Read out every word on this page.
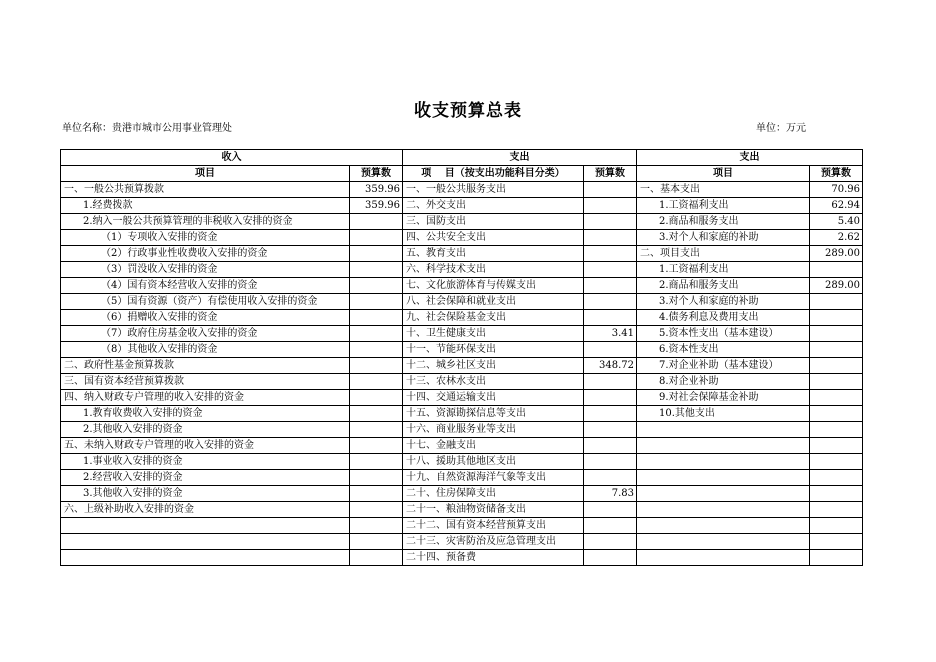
收支预算总表
单位名称：贵港市城市公用事业管理处	单位：万元
收入		支出		支出	
项目	预算数	项　 目（按支出功能科目分类）	预算数	项目	预算数
一、一般公共预算拨款	359.96	一、一般公共服务支出		一、基本支出	70.96
1.经费拨款	359.96	二、外交支出		1.工资福利支出	62.94
2.纳入一般公共预算管理的非税收入安排的资金		三、国防支出		2.商品和服务支出	5.40
（1）专项收入安排的资金		四、公共安全支出		3.对个人和家庭的补助	2.62
（2）行政事业性收费收入安排的资金		五、教育支出		二、项目支出	289.00
（3）罚没收入安排的资金		六、科学技术支出		1.工资福利支出	
（4）国有资本经营收入安排的资金		七、文化旅游体育与传媒支出		2.商品和服务支出	289.00
（5）国有资源（资产）有偿使用收入安排的资金		八、社会保障和就业支出		3.对个人和家庭的补助	
（6）捐赠收入安排的资金		九、社会保险基金支出		4.债务利息及费用支出	
（7）政府住房基金收入安排的资金		十、卫生健康支出	3.41	5.资本性支出（基本建设）	
（8）其他收入安排的资金		十一、节能环保支出		6.资本性支出	
二、政府性基金预算拨款		十二、城乡社区支出	348.72	7.对企业补助（基本建设）	
三、国有资本经营预算拨款		十三、农林水支出		8.对企业补助	
四、纳入财政专户管理的收入安排的资金		十四、交通运输支出		9.对社会保障基金补助	
1.教育收费收入安排的资金		十五、资源勘探信息等支出		10.其他支出	
2.其他收入安排的资金		十六、商业服务业等支出			
五、未纳入财政专户管理的收入安排的资金		十七、金融支出			
1.事业收入安排的资金		十八、援助其他地区支出			
2.经营收入安排的资金		十九、自然资源海洋气象等支出			
3.其他收入安排的资金		二十、住房保障支出	7.83		
六、上级补助收入安排的资金		二十一、粮油物资储备支出			
		二十二、国有资本经营预算支出			
		二十三、灾害防治及应急管理支出			
		二十四、预备费			
